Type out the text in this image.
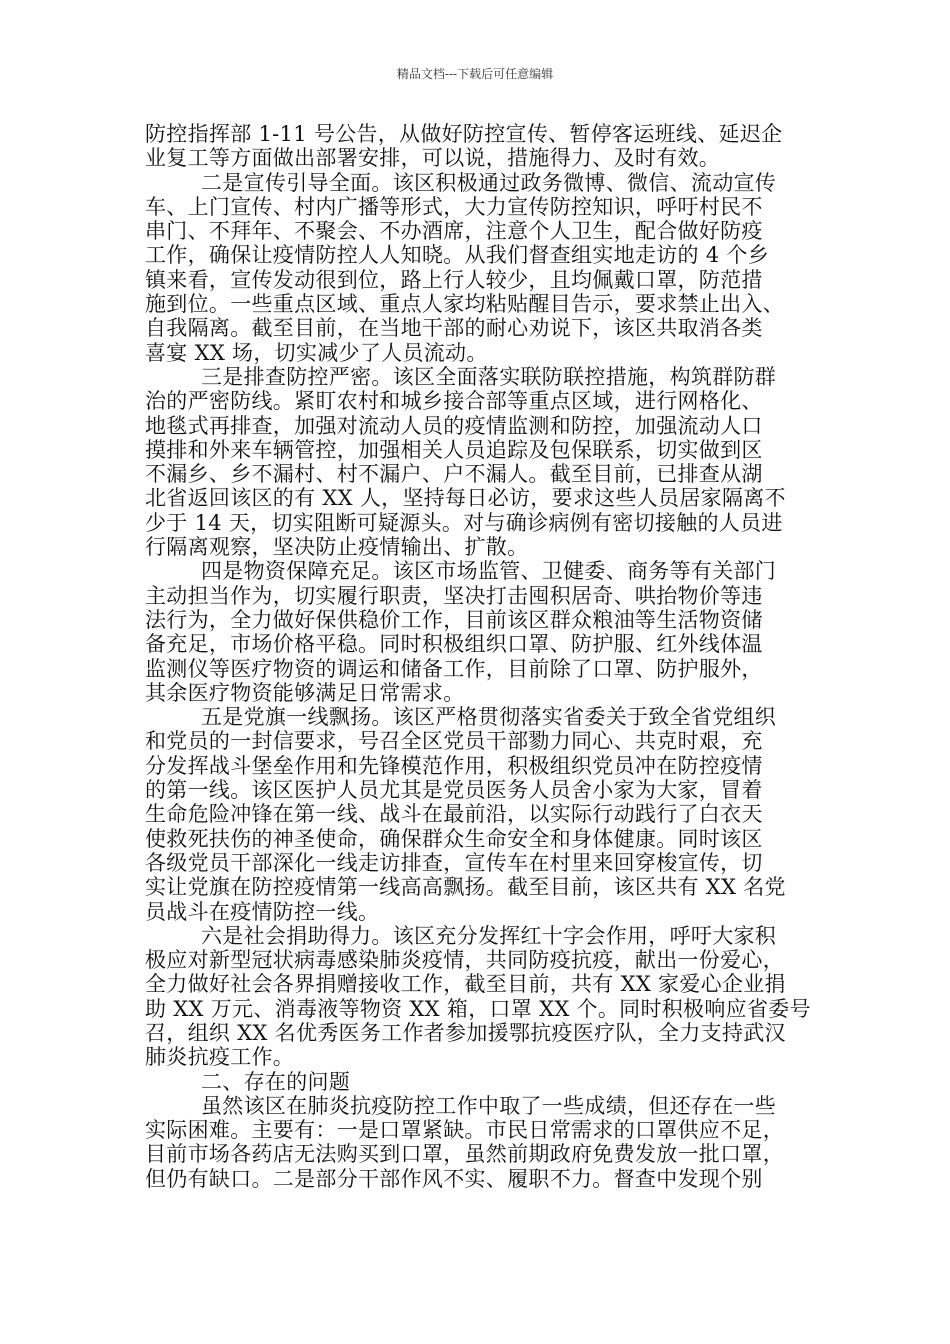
精品文档---下载后可任意编辑
防控指挥部 1-11 号公告，从做好防控宣传、暂停客运班线、延迟企
业复工等方面做出部署安排，可以说，措施得力、及时有效。
二是宣传引导全面。该区积极通过政务微博、微信、流动宣传
车、上门宣传、村内广播等形式，大力宣传防控知识，呼吁村民不
串门、不拜年、不聚会、不办酒席，注意个人卫生，配合做好防疫
工作，确保让疫情防控人人知晓。从我们督查组实地走访的 4 个乡
镇来看，宣传发动很到位，路上行人较少，且均佩戴口罩，防范措
施到位。一些重点区域、重点人家均粘贴醒目告示，要求禁止出入、
自我隔离。截至目前，在当地干部的耐心劝说下，该区共取消各类
喜宴 XX 场，切实减少了人员流动。
三是排查防控严密。该区全面落实联防联控措施，构筑群防群
治的严密防线。紧盯农村和城乡接合部等重点区域，进行网格化、
地毯式再排查，加强对流动人员的疫情监测和防控，加强流动人口
摸排和外来车辆管控，加强相关人员追踪及包保联系，切实做到区
不漏乡、乡不漏村、村不漏户、户不漏人。截至目前，已排查从湖
北省返回该区的有 XX 人，坚持每日必访，要求这些人员居家隔离不
少于 14 天，切实阻断可疑源头。对与确诊病例有密切接触的人员进
行隔离观察，坚决防止疫情输出、扩散。
四是物资保障充足。该区市场监管、卫健委、商务等有关部门
主动担当作为，切实履行职责，坚决打击囤积居奇、哄抬物价等违
法行为，全力做好保供稳价工作，目前该区群众粮油等生活物资储
备充足，市场价格平稳。同时积极组织口罩、防护服、红外线体温
监测仪等医疗物资的调运和储备工作，目前除了口罩、防护服外，
其余医疗物资能够满足日常需求。
五是党旗一线飘扬。该区严格贯彻落实省委关于致全省党组织
和党员的一封信要求，号召全区党员干部勠力同心、共克时艰，充
分发挥战斗堡垒作用和先锋模范作用，积极组织党员冲在防控疫情
的第一线。该区医护人员尤其是党员医务人员舍小家为大家，冒着
生命危险冲锋在第一线、战斗在最前沿，以实际行动践行了白衣天
使救死扶伤的神圣使命，确保群众生命安全和身体健康。同时该区
各级党员干部深化一线走访排查，宣传车在村里来回穿梭宣传，切
实让党旗在防控疫情第一线高高飘扬。截至目前，该区共有 XX 名党
员战斗在疫情防控一线。
六是社会捐助得力。该区充分发挥红十字会作用，呼吁大家积
极应对新型冠状病毒感染肺炎疫情，共同防疫抗疫，献出一份爱心，
全力做好社会各界捐赠接收工作，截至目前，共有 XX 家爱心企业捐
助 XX 万元、消毒液等物资 XX 箱，口罩 XX 个。同时积极响应省委号
召，组织 XX 名优秀医务工作者参加援鄂抗疫医疗队，全力支持武汉
肺炎抗疫工作。
二、存在的问题
虽然该区在肺炎抗疫防控工作中取了一些成绩，但还存在一些
实际困难。主要有：一是口罩紧缺。市民日常需求的口罩供应不足，
目前市场各药店无法购买到口罩，虽然前期政府免费发放一批口罩，
但仍有缺口。二是部分干部作风不实、履职不力。督查中发现个别
